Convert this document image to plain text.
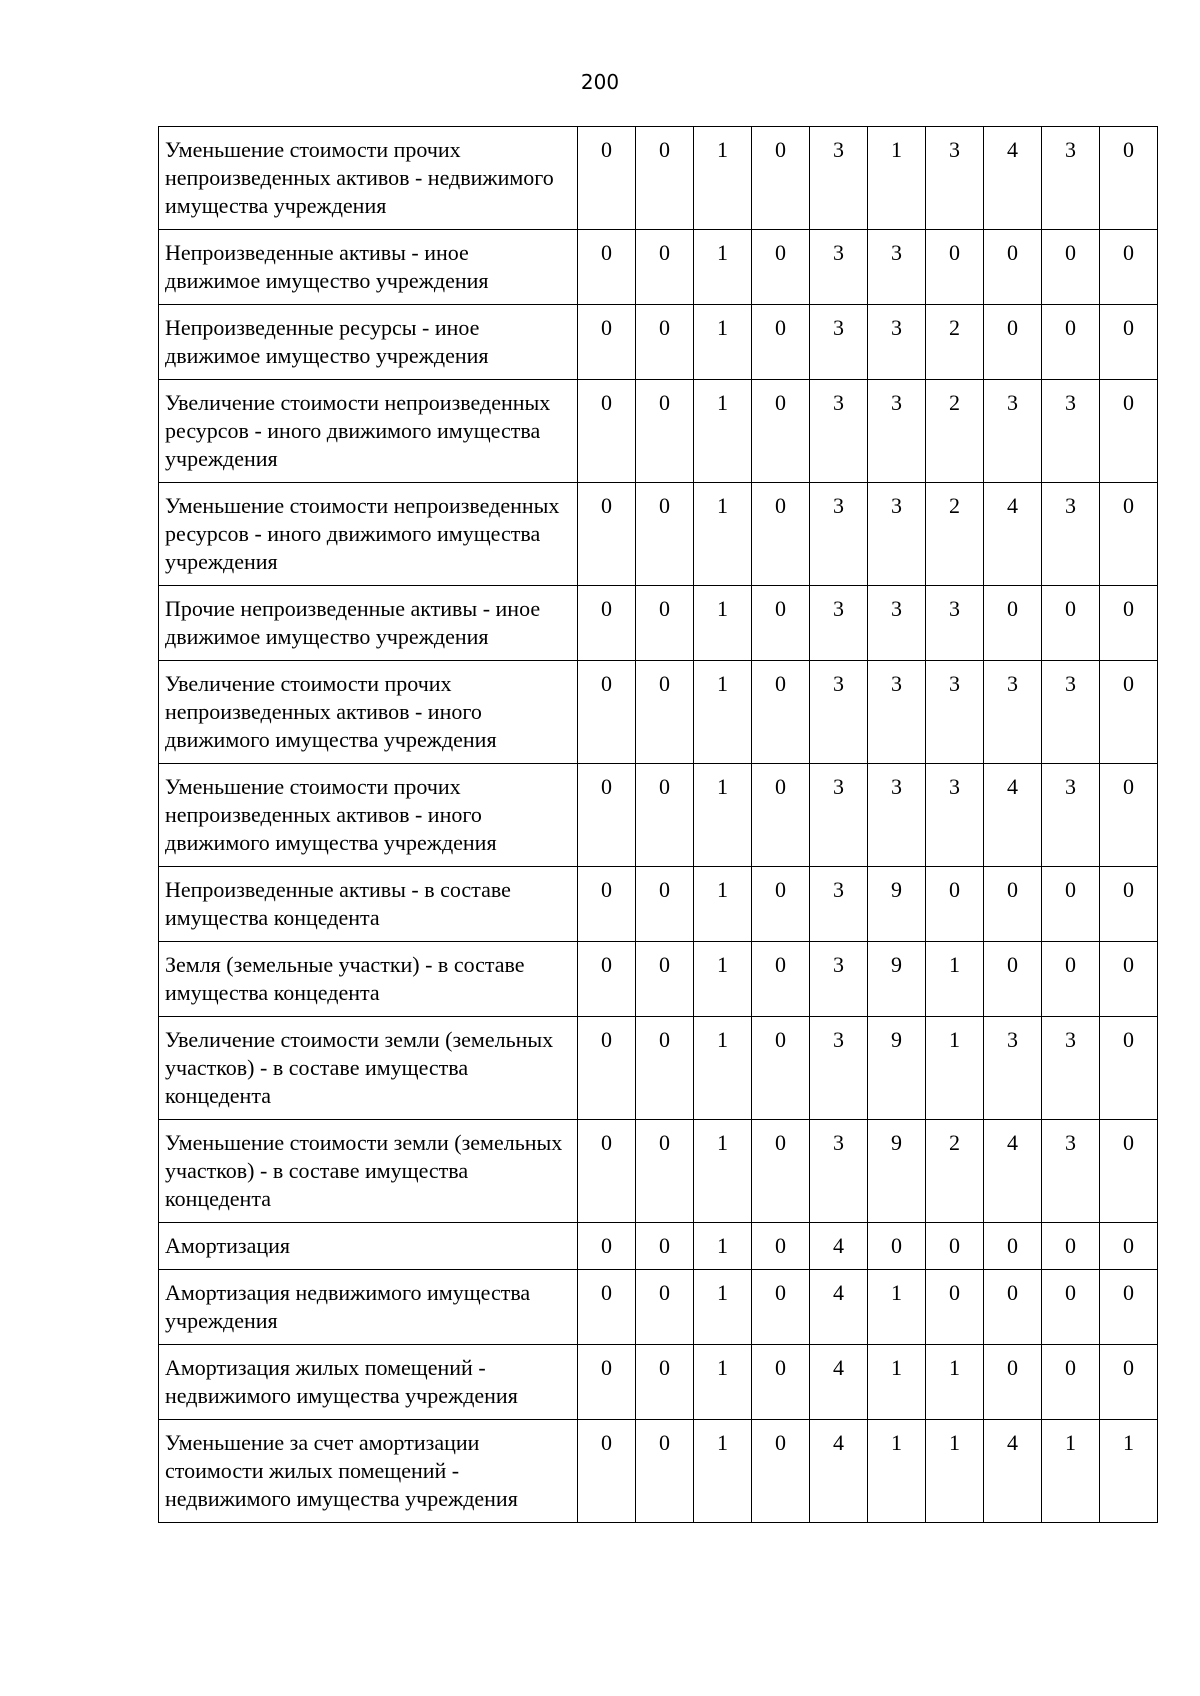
200
Уменьшение стоимости прочих непроизведенных активов - недвижимого имущества учреждения	0	0	1	0	3	1	3	4	3	0
Непроизведенные активы - иное движимое имущество учреждения	0	0	1	0	3	3	0	0	0	0
Непроизведенные ресурсы - иное движимое имущество учреждения	0	0	1	0	3	3	2	0	0	0
Увеличение стоимости непроизведенных ресурсов - иного движимого имущества учреждения	0	0	1	0	3	3	2	3	3	0
Уменьшение стоимости непроизведенных ресурсов - иного движимого имущества учреждения	0	0	1	0	3	3	2	4	3	0
Прочие непроизведенные активы - иное движимое имущество учреждения	0	0	1	0	3	3	3	0	0	0
Увеличение стоимости прочих непроизведенных активов - иного движимого имущества учреждения	0	0	1	0	3	3	3	3	3	0
Уменьшение стоимости прочих непроизведенных активов - иного движимого имущества учреждения	0	0	1	0	3	3	3	4	3	0
Непроизведенные активы - в составе имущества концедента	0	0	1	0	3	9	0	0	0	0
Земля (земельные участки) - в составе имущества концедента	0	0	1	0	3	9	1	0	0	0
Увеличение стоимости земли (земельных участков) - в составе имущества концедента	0	0	1	0	3	9	1	3	3	0
Уменьшение стоимости земли (земельных участков) - в составе имущества концедента	0	0	1	0	3	9	2	4	3	0
Амортизация	0	0	1	0	4	0	0	0	0	0
Амортизация недвижимого имущества учреждения	0	0	1	0	4	1	0	0	0	0
Амортизация жилых помещений - недвижимого имущества учреждения	0	0	1	0	4	1	1	0	0	0
Уменьшение за счет амортизации стоимости жилых помещений - недвижимого имущества учреждения	0	0	1	0	4	1	1	4	1	1
